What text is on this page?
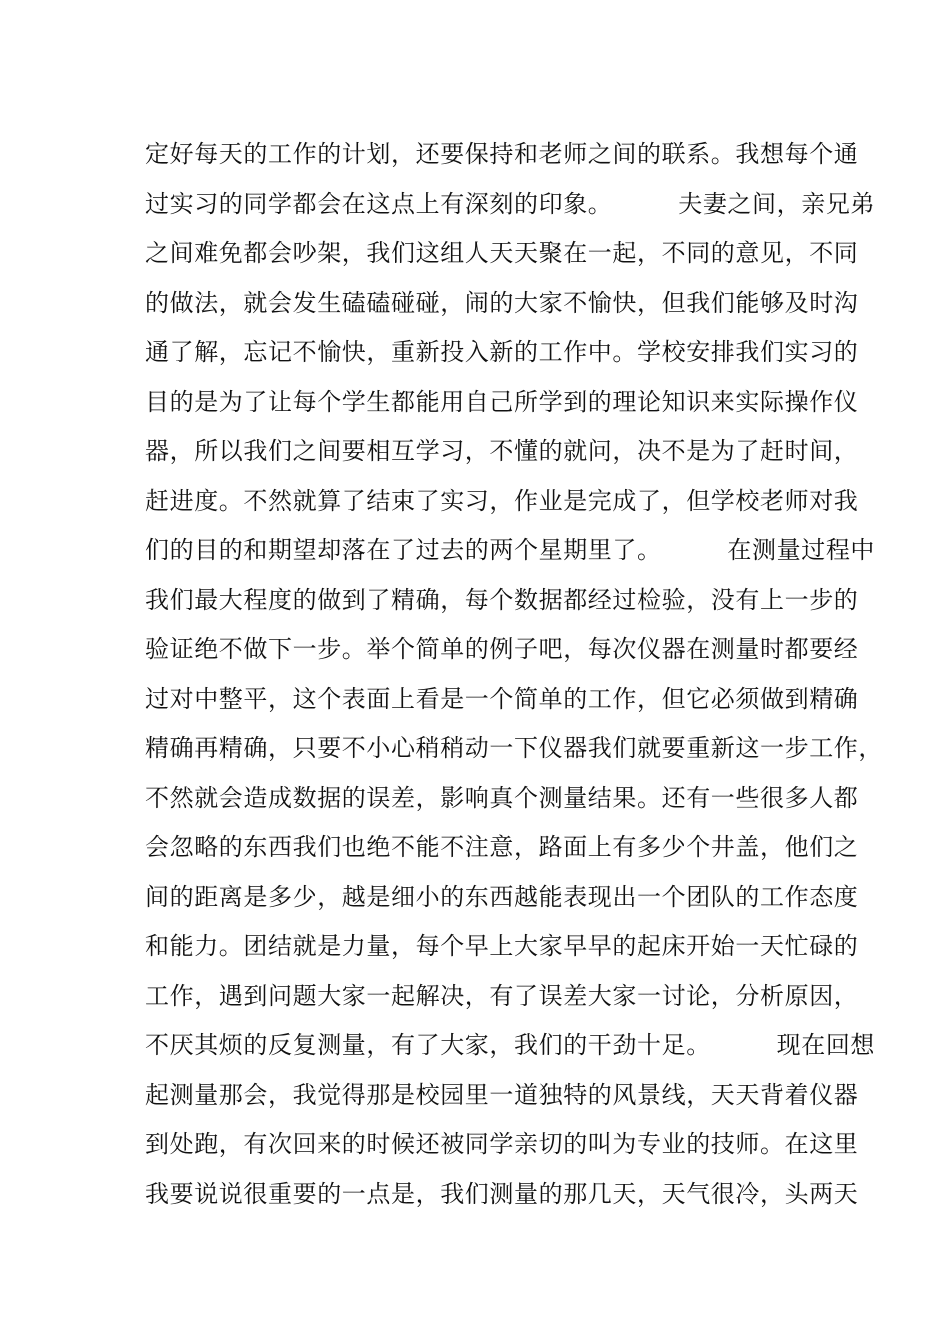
定好每天的工作的计划，还要保持和老师之间的联系。我想每个通
过实习的同学都会在这点上有深刻的印象。        夫妻之间，亲兄弟
之间难免都会吵架，我们这组人天天聚在一起，不同的意见，不同
的做法，就会发生磕磕碰碰，闹的大家不愉快，但我们能够及时沟
通了解，忘记不愉快，重新投入新的工作中。学校安排我们实习的
目的是为了让每个学生都能用自己所学到的理论知识来实际操作仪
器，所以我们之间要相互学习，不懂的就问，决不是为了赶时间，
赶进度。不然就算了结束了实习，作业是完成了，但学校老师对我
们的目的和期望却落在了过去的两个星期里了。        在测量过程中
我们最大程度的做到了精确，每个数据都经过检验，没有上一步的
验证绝不做下一步。举个简单的例子吧，每次仪器在测量时都要经
过对中整平，这个表面上看是一个简单的工作，但它必须做到精确
精确再精确，只要不小心稍稍动一下仪器我们就要重新这一步工作，
不然就会造成数据的误差，影响真个测量结果。还有一些很多人都
会忽略的东西我们也绝不能不注意，路面上有多少个井盖，他们之
间的距离是多少，越是细小的东西越能表现出一个团队的工作态度
和能力。团结就是力量，每个早上大家早早的起床开始一天忙碌的
工作，遇到问题大家一起解决，有了误差大家一讨论，分析原因，
不厌其烦的反复测量，有了大家，我们的干劲十足。        现在回想
起测量那会，我觉得那是校园里一道独特的风景线，天天背着仪器
到处跑，有次回来的时候还被同学亲切的叫为专业的技师。在这里
我要说说很重要的一点是，我们测量的那几天，天气很冷，头两天
